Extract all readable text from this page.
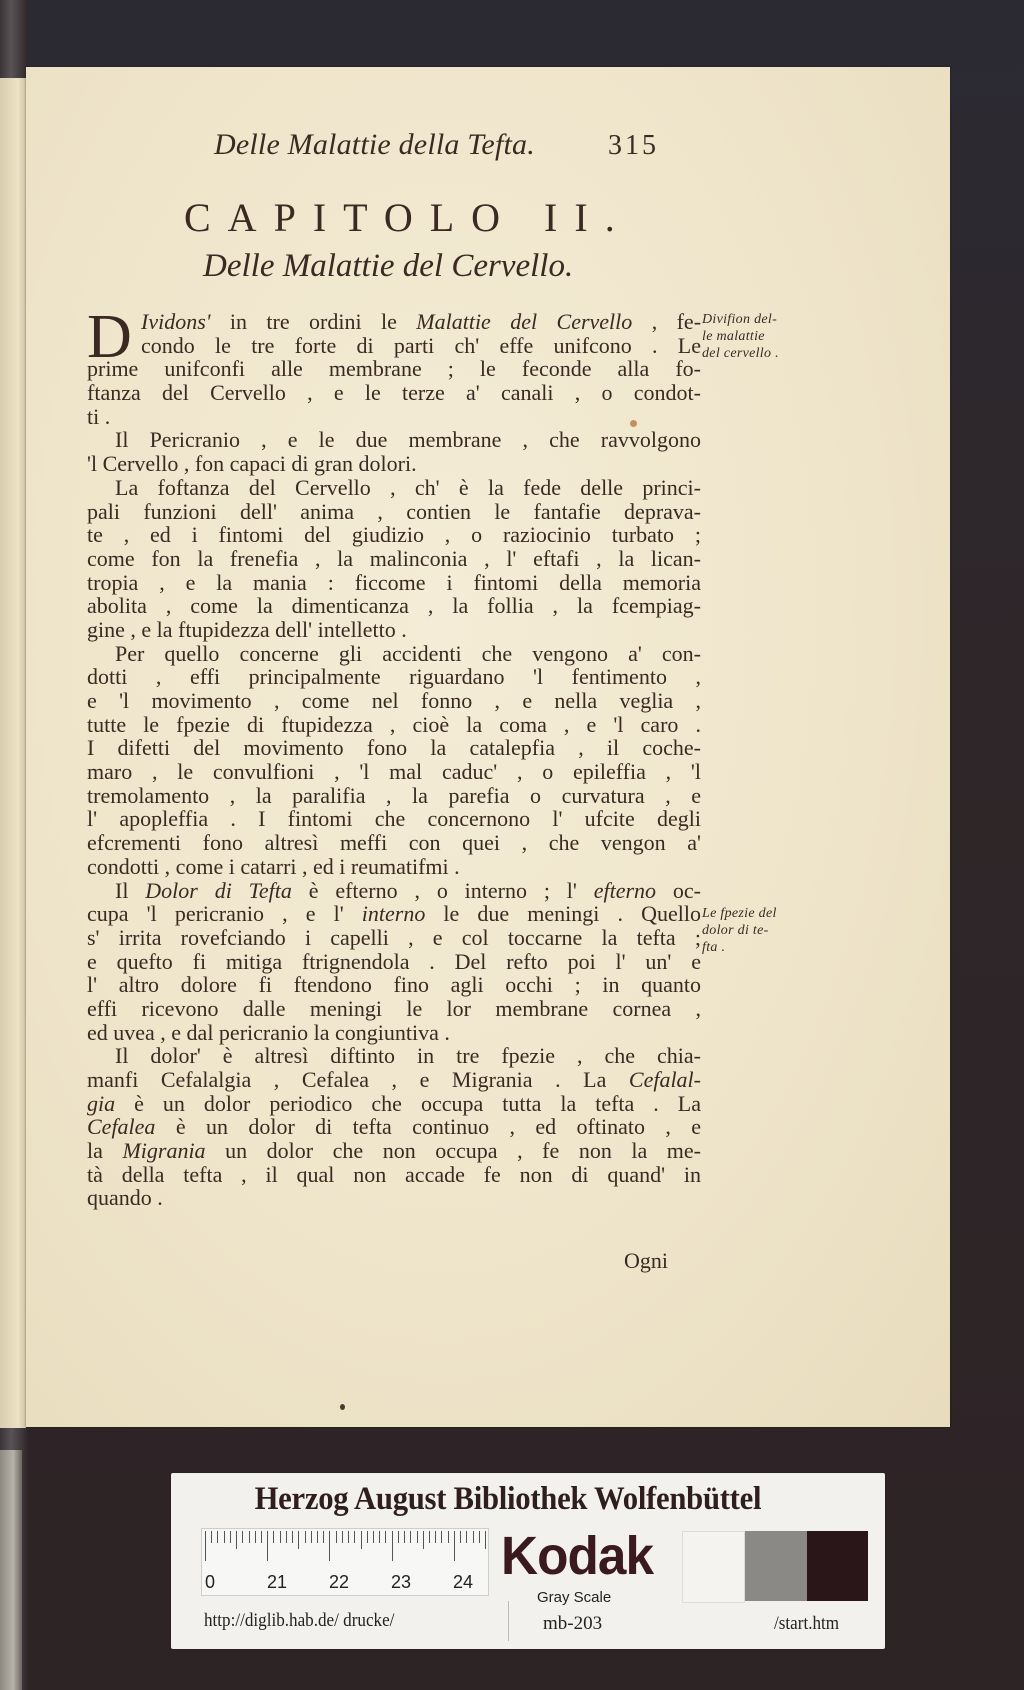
Delle Malattie della Tefta.	315
CAPITOLO II.
Delle Malattie del Cervello.
D Ividons' in tre ordini le Malattie del Cervello , fe-
condo le tre forte di parti ch' effe unifcono . Le
prime unifconfi alle membrane ; le feconde alla fo-
ftanza del Cervello , e le terze a' canali , o condot-
ti .
Il Pericranio , e le due membrane , che ravvolgono
'l Cervello , fon capaci di gran dolori.
La foftanza del Cervello , ch' è la fede delle princi-
pali funzioni dell' anima , contien le fantafie deprava-
te , ed i fintomi del giudizio , o raziocinio turbato ;
come fon la frenefia , la malinconia , l' eftafi , la lican-
tropia , e la mania : ficcome i fintomi della memoria
abolita , come la dimenticanza , la follia , la fcempiag-
gine , e la ftupidezza dell' intelletto .
Per quello concerne gli accidenti che vengono a' con-
dotti , effi principalmente riguardano 'l fentimento ,
e 'l movimento , come nel fonno , e nella veglia ,
tutte le fpezie di ftupidezza , cioè la coma , e 'l caro .
I difetti del movimento fono la catalepfia , il coche-
maro , le convulfioni , 'l mal caduc' , o epileffia , 'l
tremolamento , la paralifia , la parefia o curvatura , e
l' apopleffia . I fintomi che concernono l' ufcite degli
efcrementi fono altresì meffi con quei , che vengon a'
condotti , come i catarri , ed i reumatifmi .
Il Dolor di Tefta è efterno , o interno ; l' efterno oc-
cupa 'l pericranio , e l' interno le due meningi . Quello
s' irrita rovefciando i capelli , e col toccarne la tefta ;
e quefto fi mitiga ftrignendola . Del refto poi l' un' e
l' altro dolore fi ftendono fino agli occhi ; in quanto
effi ricevono dalle meningi le lor membrane cornea ,
ed uvea , e dal pericranio la congiuntiva .
Il dolor' è altresì diftinto in tre fpezie , che chia-
manfi Cefalalgia , Cefalea , e Migrania . La Cefalal-
gia è un dolor periodico che occupa tutta la tefta . La
Cefalea è un dolor di tefta continuo , ed oftinato , e
la Migrania un dolor che non occupa , fe non la me-
tà della tefta , il qual non accade fe non di quand' in
quando .
Ogni
Divifion del-
le malattie
del cervello .
Le fpezie del
dolor di te-
fta .
Herzog August Bibliothek Wolfenbüttel
0	21 22 23 24 Kodak
Gray Scale
http://diglib.hab.de/ drucke/	mb-203	/start.htm
